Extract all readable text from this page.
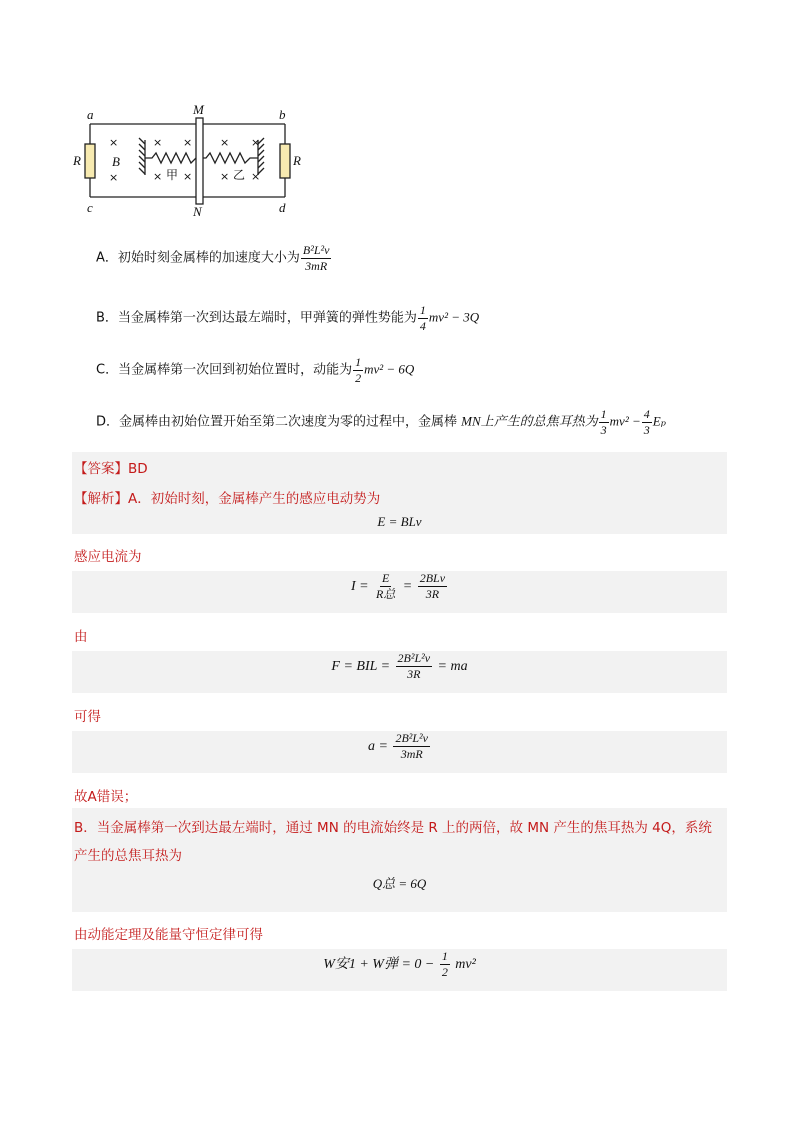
a	b
c	d
M
N
R	R
B
×
×
×
×
×
×
×
×
×
×
甲	乙
A．初始时刻金属棒的加速度大小为 $\frac{\text{B²L²v}}{3mR}$
B．当金属棒第一次到达最左端时，甲弹簧的弹性势能为 $\frac{1}{4} mv^2 - 3Q$
C．当金属棒第一次回到初始位置时，动能为 $\frac{1}{2} mv^2 - 6Q$
D．金属棒由初始位置开始至第二次速度为零的过程中，金属棒 MN上产生的总焦耳热为 $\frac{1}{3} mv^2 - \frac{4}{3}$ Eₚ
【答案】BD
【解析】A．初始时刻，金属棒产生的感应电动势为
E = BLv
感应电流为
$I = \frac{E}{\text{R总}} = \frac{\text{2BLv}}{3R}$
由
F = BIL = $\frac{\text{2B²L²v}}{3R}$ = ma
可得
$a = \frac{\text{2B²L²v}}{3mR}$
故A错误；
B．当金属棒第一次到达最左端时，通过 MN 的电流始终是 R 上的两倍，故 MN 产生的焦耳热为 4Q，系统
产生的总焦耳热为
Q总 = 6Q
由动能定理及能量守恒定律可得
W安1 + W弹 = $0 - \frac{1}{2} mv^2$
